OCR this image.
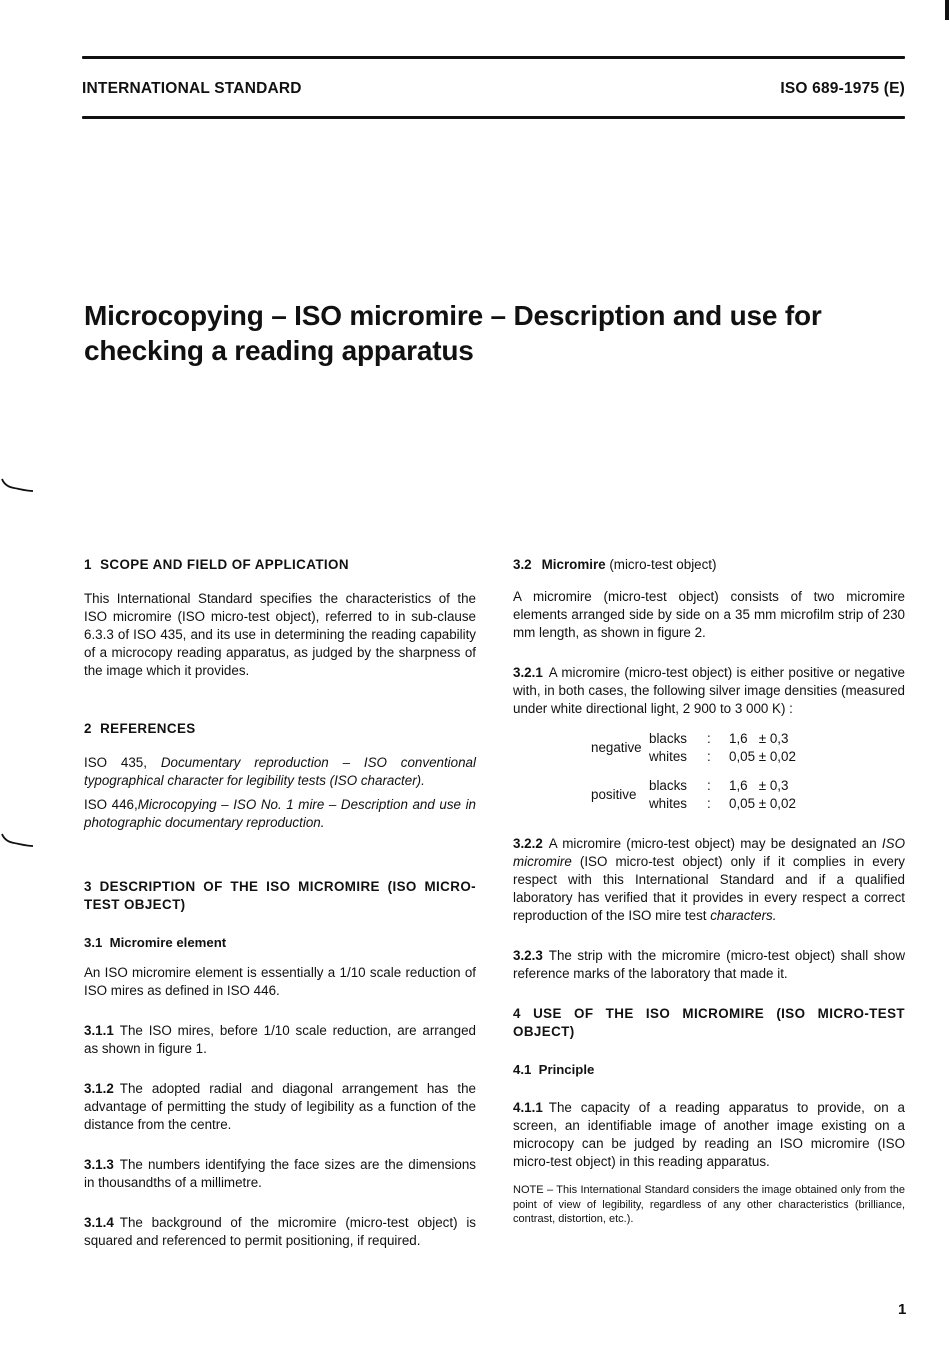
INTERNATIONAL STANDARD	ISO 689-1975 (E)
Microcopying – ISO micromire – Description and use for
checking a reading apparatus

1  SCOPE AND FIELD OF APPLICATION

This International Standard specifies the characteristics of the ISO micromire (ISO micro-test object), referred to in sub-clause 6.3.3 of ISO 435, and its use in determining the reading capability of a microcopy reading apparatus, as judged by the sharpness of the image which it provides.

2  REFERENCES

ISO 435, Documentary reproduction – ISO conventional typographical character for legibility tests (ISO character).

ISO 446,Microcopying – ISO No. 1 mire – Description and use in photographic documentary reproduction.

3 DESCRIPTION OF THE ISO MICROMIRE (ISO MICRO-TEST OBJECT)

3.1  Micromire element

An ISO micromire element is essentially a 1/10 scale reduction of ISO mires as defined in ISO 446.

3.1.1 The ISO mires, before 1/10 scale reduction, are arranged as shown in figure 1.

3.1.2 The adopted radial and diagonal arrangement has the advantage of permitting the study of legibility as a function of the distance from the centre.

3.1.3 The numbers identifying the face sizes are the dimensions in thousandths of a millimetre.

3.1.4 The background of the micromire (micro-test object) is squared and referenced to permit positioning, if required.

3.2 Micromire (micro-test object)

A micromire (micro-test object) consists of two micromire elements arranged side by side on a 35 mm microfilm strip of 230 mm length, as shown in figure 2.

3.2.1 A micromire (micro-test object) is either positive or negative with, in both cases, the following silver image densities (measured under white directional light, 2 900 to 3 000 K) :

negative
blacks	:	1,6   ± 0,3
whites	:	0,05 ± 0,02
positive
blacks	:	1,6   ± 0,3
whites	:	0,05 ± 0,02

3.2.2 A micromire (micro-test object) may be designated an ISO micromire (ISO micro-test object) only if it complies in every respect with this International Standard and if a qualified laboratory has verified that it provides in every respect a correct reproduction of the ISO mire test characters.

3.2.3 The strip with the micromire (micro-test object) shall show reference marks of the laboratory that made it.

4 USE OF THE ISO MICROMIRE (ISO MICRO-TEST OBJECT)

4.1  Principle

4.1.1 The capacity of a reading apparatus to provide, on a screen, an identifiable image of another image existing on a microcopy can be judged by reading an ISO micromire (ISO micro-test object) in this reading apparatus.

NOTE – This International Standard considers the image obtained only from the point of view of legibility, regardless of any other characteristics (brilliance, contrast, distortion, etc.).

1
